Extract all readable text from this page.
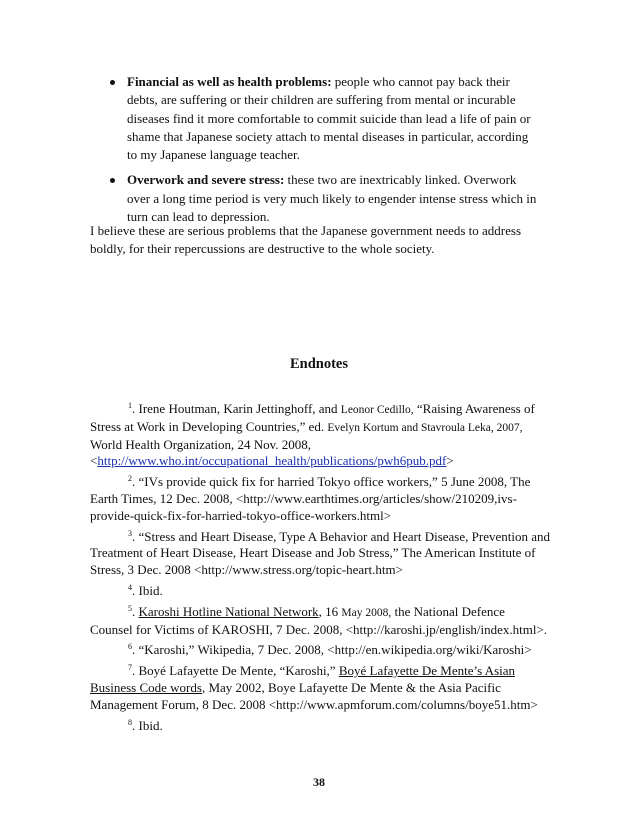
Financial as well as health problems: people who cannot pay back their debts, are suffering or their children are suffering from mental or incurable diseases find it more comfortable to commit suicide than lead a life of pain or shame that Japanese society attach to mental diseases in particular, according to my Japanese language teacher.
Overwork and severe stress: these two are inextricably linked. Overwork over a long time period is very much likely to engender intense stress which in turn can lead to depression.
I believe these are serious problems that the Japanese government needs to address boldly, for their repercussions are destructive to the whole society.
Endnotes
$^1$. Irene Houtman, Karin Jettinghoff, and Leonor Cedillo, “Raising Awareness of Stress at Work in Developing Countries,” ed. Evelyn Kortum and Stavroula Leka, 2007, World Health Organization, 24 Nov. 2008, <http://www.who.int/occupational_health/publications/pwh6pub.pdf>
$^2$. “IVs provide quick fix for harried Tokyo office workers,” 5 June 2008, The Earth Times, 12 Dec. 2008, <http://www.earthtimes.org/articles/show/210209,ivs-provide-quick-fix-for-harried-tokyo-office-workers.html>
$^3$. “Stress and Heart Disease, Type A Behavior and Heart Disease, Prevention and Treatment of Heart Disease, Heart Disease and Job Stress,” The American Institute of Stress, 3 Dec. 2008 <http://www.stress.org/topic-heart.htm>
$^4$. Ibid.
$^5$. Karoshi Hotline National Network, 16 May 2008, the National Defence Counsel for Victims of KAROSHI, 7 Dec. 2008, <http://karoshi.jp/english/index.html>.
$^6$. “Karoshi,” Wikipedia, 7 Dec. 2008, <http://en.wikipedia.org/wiki/Karoshi>
$^7$. Boyé Lafayette De Mente, “Karoshi,” Boyé Lafayette De Mente’s Asian Business Code words, May 2002, Boye Lafayette De Mente & the Asia Pacific Management Forum, 8 Dec. 2008 <http://www.apmforum.com/columns/boye51.htm>
$^8$. Ibid.
38
